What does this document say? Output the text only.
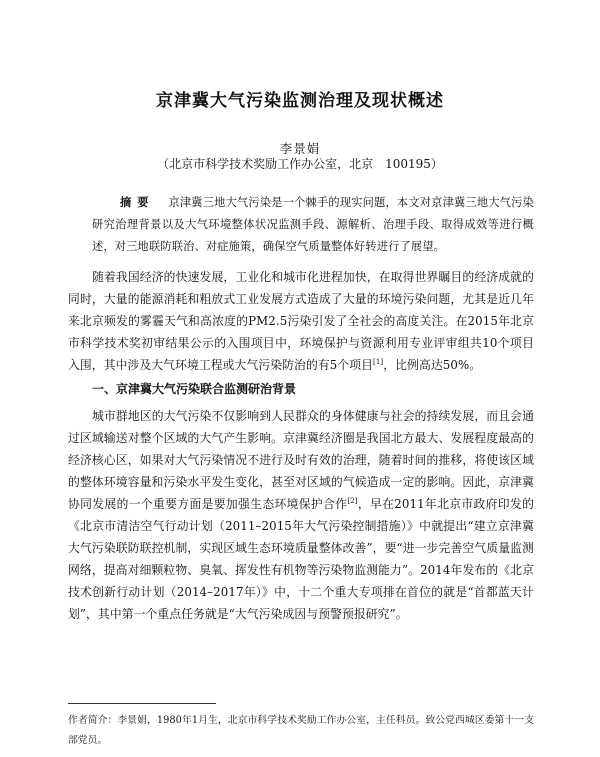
京津冀大气污染监测治理及现状概述
李景娟
（北京市科学技术奖励工作办公室，北京　100195）
摘要 京津冀三地大气污染是一个棘手的现实问题，本文对京津冀三地大气污染研究治理背景以及大气环境整体状况监测手段、源解析、治理手段、取得成效等进行概述，对三地联防联治、对症施策，确保空气质量整体好转进行了展望。
随着我国经济的快速发展，工业化和城市化进程加快，在取得世界瞩目的经济成就的同时，大量的能源消耗和粗放式工业发展方式造成了大量的环境污染问题，尤其是近几年来北京频发的雾霾天气和高浓度的PM2.5污染引发了全社会的高度关注。在2015年北京市科学技术奖初审结果公示的入围项目中，环境保护与资源利用专业评审组共10个项目入围，其中涉及大气环境工程或大气污染防治的有5个项目[1]，比例高达50%。
一、京津冀大气污染联合监测研治背景
城市群地区的大气污染不仅影响到人民群众的身体健康与社会的持续发展，而且会通过区域输送对整个区域的大气产生影响。京津冀经济圈是我国北方最大、发展程度最高的经济核心区，如果对大气污染情况不进行及时有效的治理，随着时间的推移，将使该区域的整体环境容量和污染水平发生变化，甚至对区域的气候造成一定的影响。因此，京津冀协同发展的一个重要方面是要加强生态环境保护合作[2]，早在2011年北京市政府印发的《北京市清洁空气行动计划（2011–2015年大气污染控制措施）》中就提出“建立京津冀大气污染联防联控机制，实现区域生态环境质量整体改善”，要“进一步完善空气质量监测网络，提高对细颗粒物、臭氧、挥发性有机物等污染物监测能力”。2014年发布的《北京技术创新行动计划（2014–2017年）》中，十二个重大专项排在首位的就是“首都蓝天计划”，其中第一个重点任务就是“大气污染成因与预警预报研究”。
作者简介：李景娟，1980年1月生，北京市科学技术奖励工作办公室，主任科员。致公党西城区委第十一支部党员。
